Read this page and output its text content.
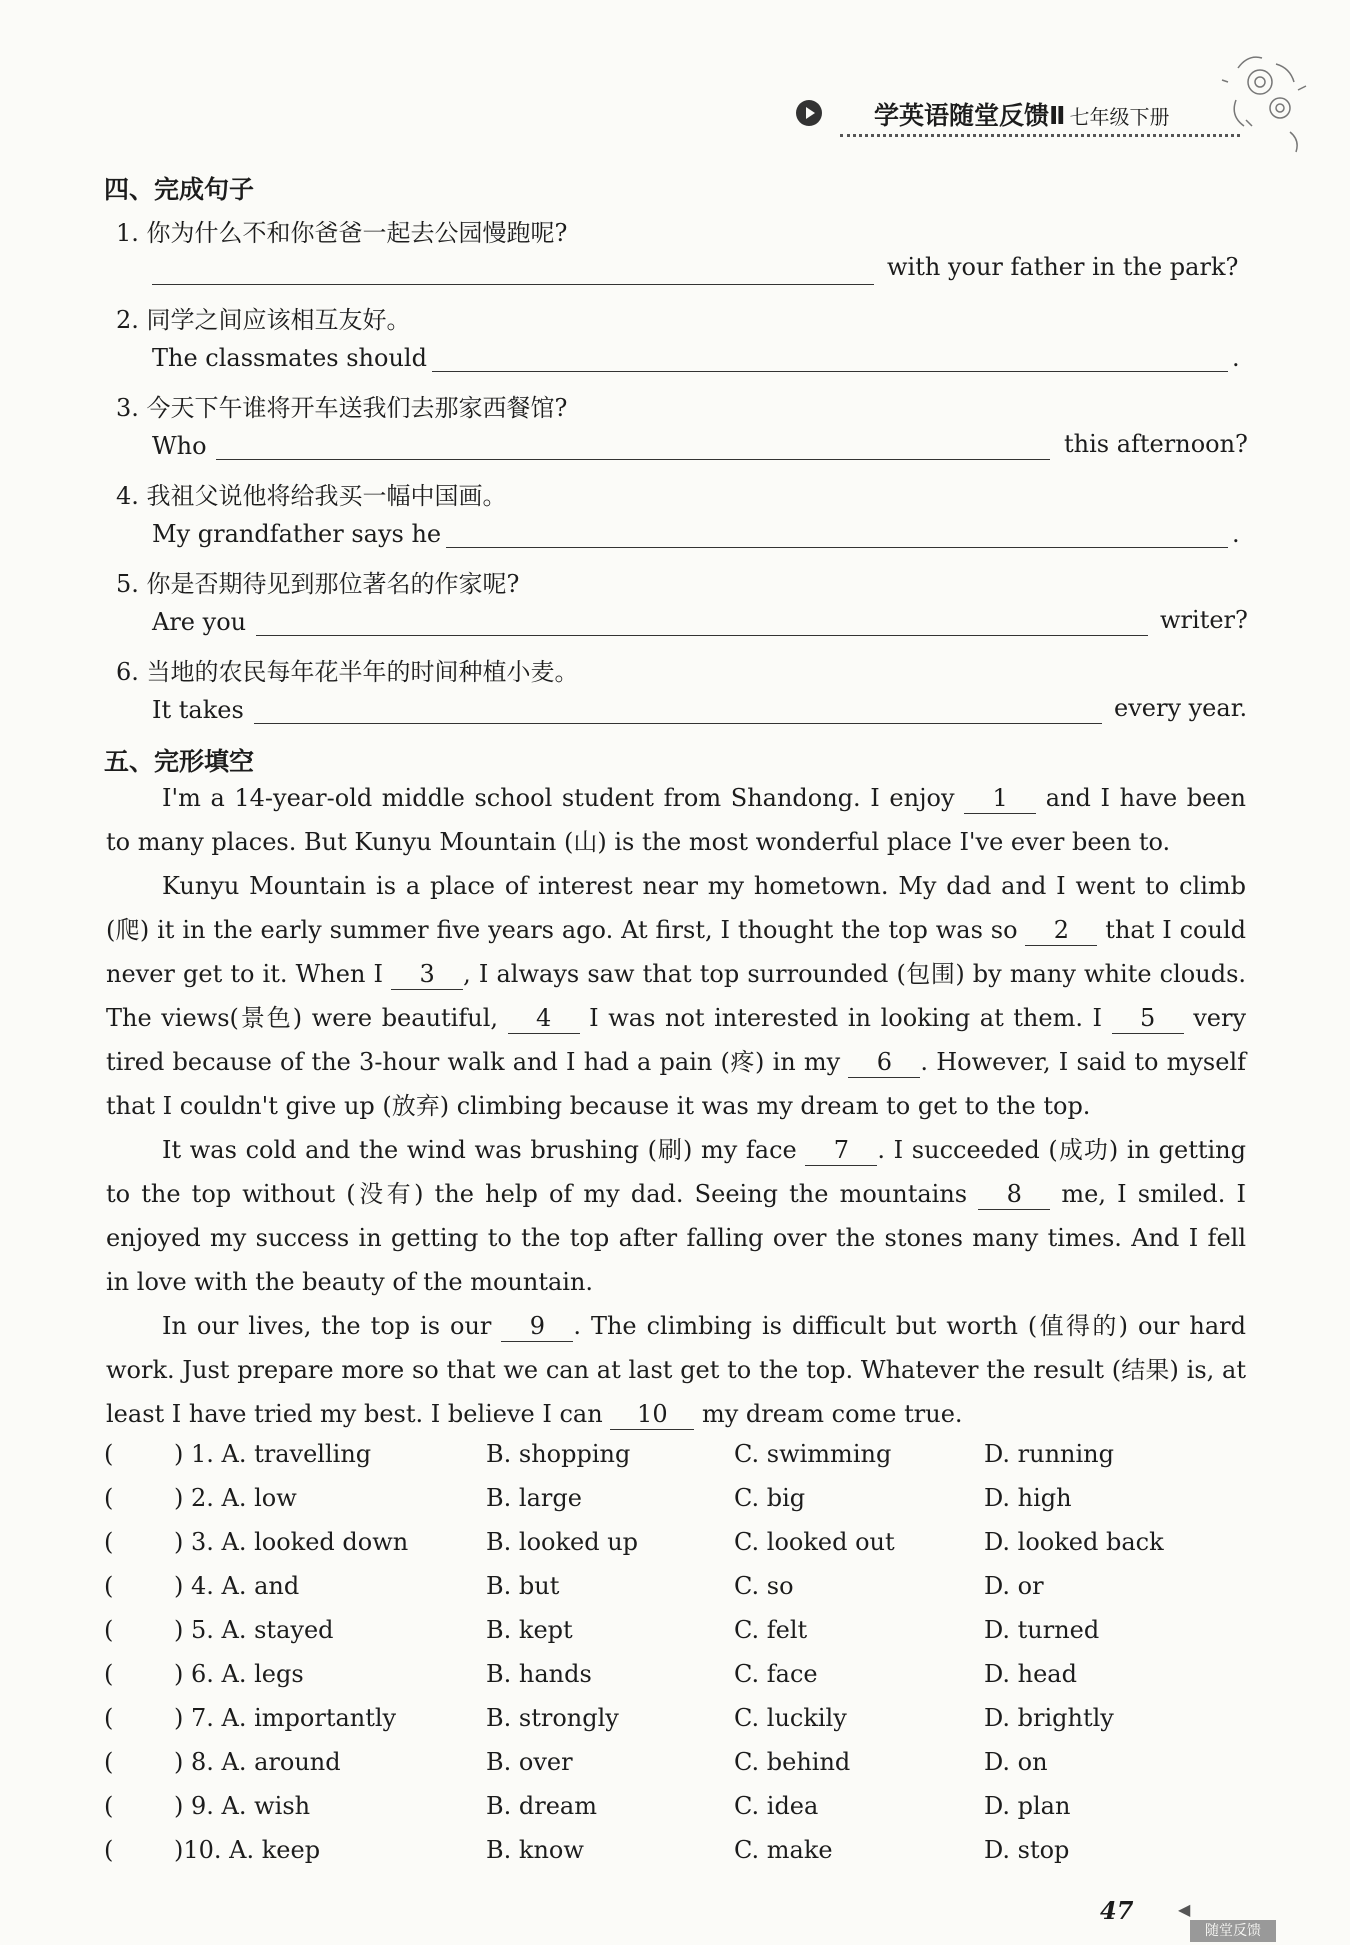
学英语随堂反馈Ⅱ 七年级下册
四、完成句子
1. 你为什么不和你爸爸一起去公园慢跑呢?
with your father in the park?
2. 同学之间应该相互友好。
The classmates should	.
3. 今天下午谁将开车送我们去那家西餐馆?
Who	this afternoon?
4. 我祖父说他将给我买一幅中国画。
My grandfather says he	.
5. 你是否期待见到那位著名的作家呢?
Are you	writer?
6. 当地的农民每年花半年的时间种植小麦。
It takes	every year.
五、完形填空

I'm a 14-year-old middle school student from Shandong. I enjoy 1 and I have been to many places. But Kunyu Mountain (山) is the most wonderful place I've ever been to.

Kunyu Mountain is a place of interest near my hometown. My dad and I went to climb (爬) it in the early summer five years ago. At first, I thought the top was so 2 that I could never get to it. When I 3 , I always saw that top surrounded (包围) by many white clouds. The views(景色) were beautiful, 4 I was not interested in looking at them. I 5 very tired because of the 3-hour walk and I had a pain (疼) in my 6 . However, I said to myself that I couldn't give up (放弃) climbing because it was my dream to get to the top.

It was cold and the wind was brushing (刷) my face 7 . I succeeded (成功) in getting to the top without (没有) the help of my dad. Seeing the mountains 8 me, I smiled. I enjoyed my success in getting to the top after falling over the stones many times. And I fell in love with the beauty of the mountain.

In our lives, the top is our 9 . The climbing is difficult but worth (值得的) our hard work. Just prepare more so that we can at last get to the top. Whatever the result (结果) is, at least I have tried my best. I believe I can 10 my dream come true.

(	) 1. A. travelling	B. shopping	C. swimming	D. running
(	) 2. A. low	B. large	C. big	D. high
(	) 3. A. looked down	B. looked up	C. looked out	D. looked back
(	) 4. A. and	B. but	C. so	D. or
(	) 5. A. stayed	B. kept	C. felt	D. turned
(	) 6. A. legs	B. hands	C. face	D. head
(	) 7. A. importantly	B. strongly	C. luckily	D. brightly
(	) 8. A. around	B. over	C. behind	D. on
(	) 9. A. wish	B. dream	C. idea	D. plan
(	)10. A. keep	B. know	C. make	D. stop
47	◀
随堂反馈
